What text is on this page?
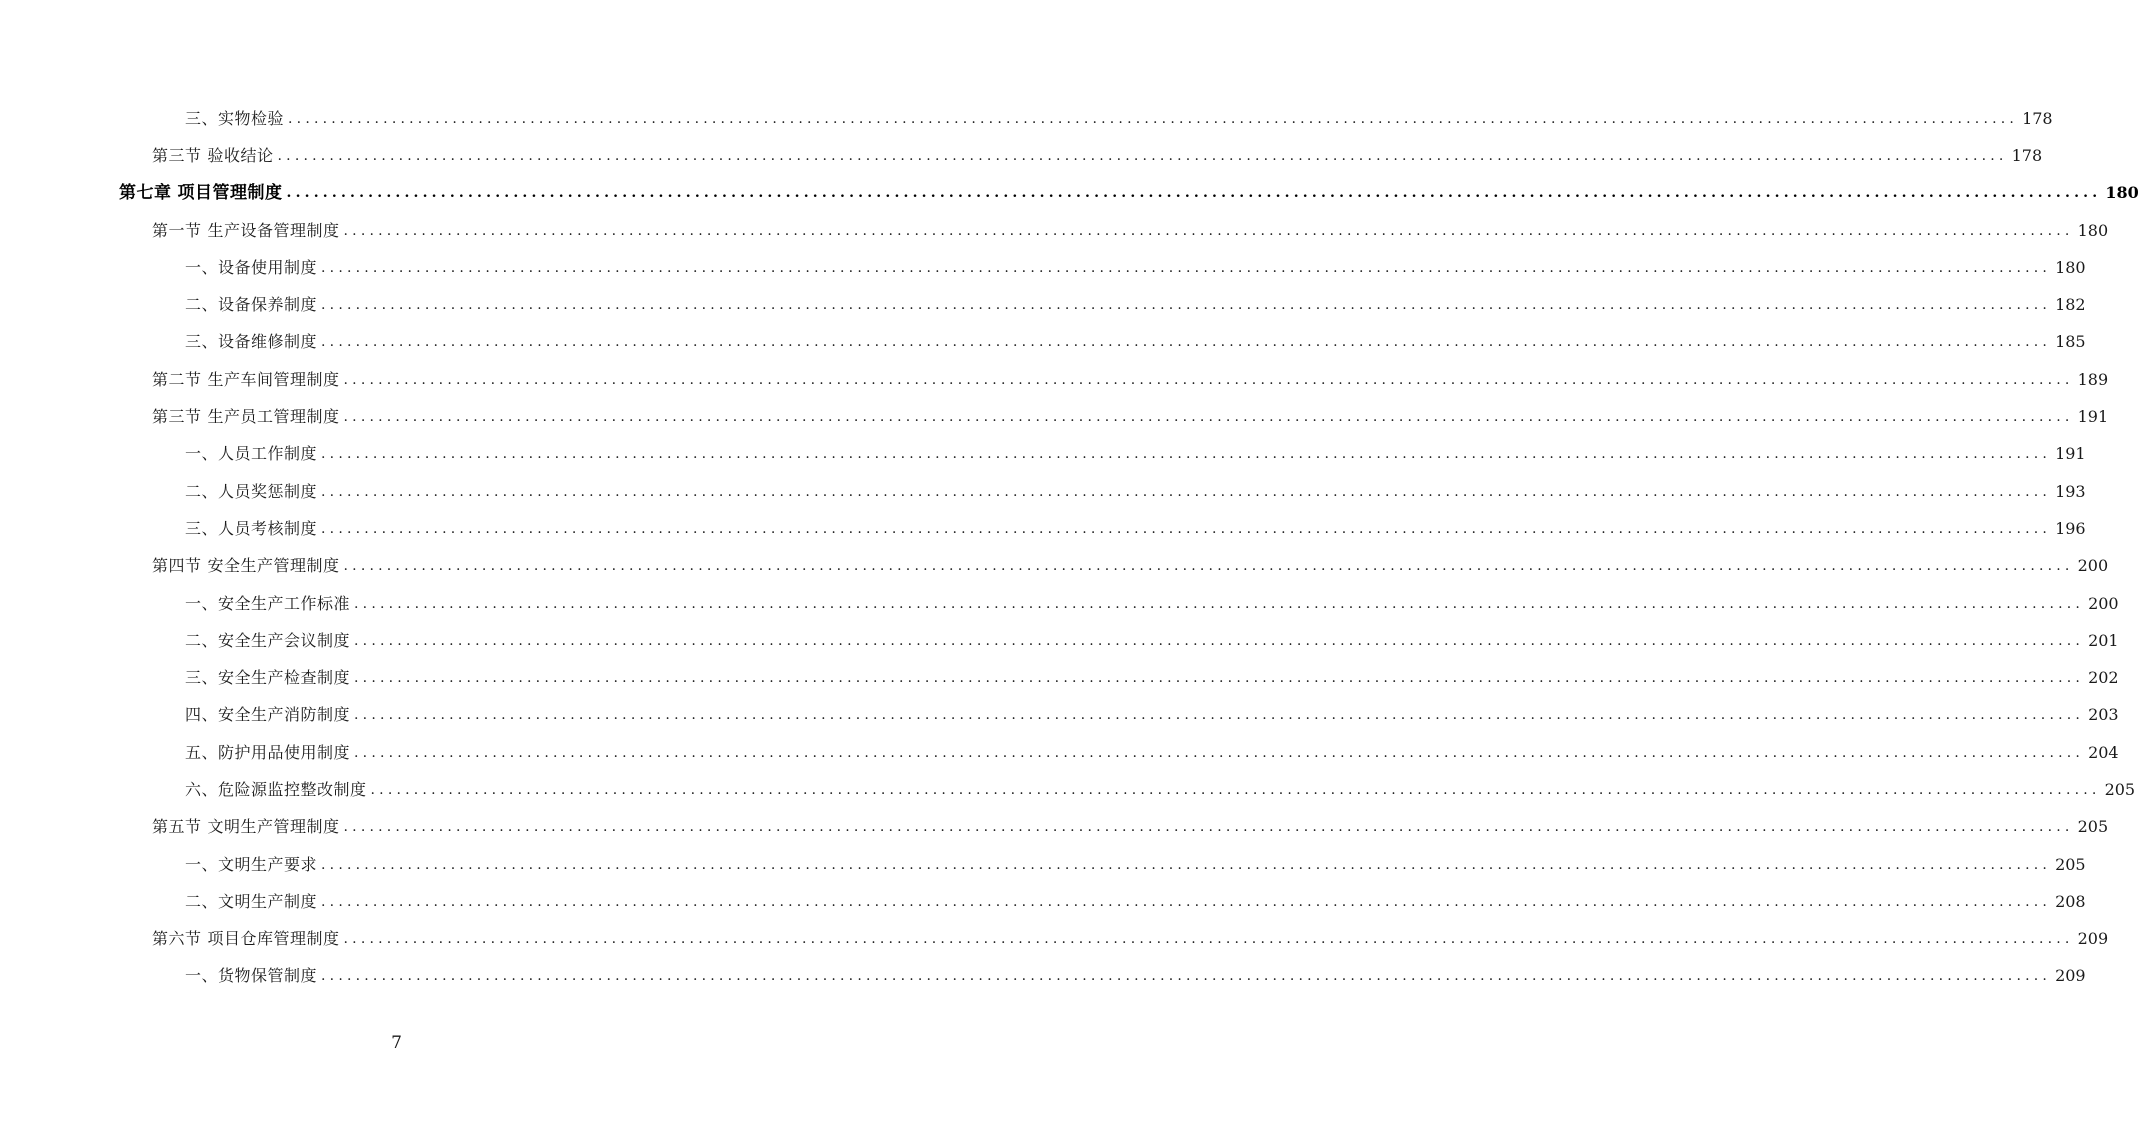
三、实物检验 ........................................................................................................................................................................................................ 178
第三节 验收结论 ........................................................................................................................................................................................................ 178
第七章 项目管理制度 ........................................................................................................................................................................................................ 180
第一节 生产设备管理制度 ........................................................................................................................................................................................................ 180
一、设备使用制度 ........................................................................................................................................................................................................ 180
二、设备保养制度 ........................................................................................................................................................................................................ 182
三、设备维修制度 ........................................................................................................................................................................................................ 185
第二节 生产车间管理制度 ........................................................................................................................................................................................................ 189
第三节 生产员工管理制度 ........................................................................................................................................................................................................ 191
一、人员工作制度 ........................................................................................................................................................................................................ 191
二、人员奖惩制度 ........................................................................................................................................................................................................ 193
三、人员考核制度 ........................................................................................................................................................................................................ 196
第四节 安全生产管理制度 ........................................................................................................................................................................................................ 200
一、安全生产工作标准 ........................................................................................................................................................................................................ 200
二、安全生产会议制度 ........................................................................................................................................................................................................ 201
三、安全生产检查制度 ........................................................................................................................................................................................................ 202
四、安全生产消防制度 ........................................................................................................................................................................................................ 203
五、防护用品使用制度 ........................................................................................................................................................................................................ 204
六、危险源监控整改制度 ........................................................................................................................................................................................................ 205
第五节 文明生产管理制度 ........................................................................................................................................................................................................ 205
一、文明生产要求 ........................................................................................................................................................................................................ 205
二、文明生产制度 ........................................................................................................................................................................................................ 208
第六节 项目仓库管理制度 ........................................................................................................................................................................................................ 209
一、货物保管制度 ........................................................................................................................................................................................................ 209
7
